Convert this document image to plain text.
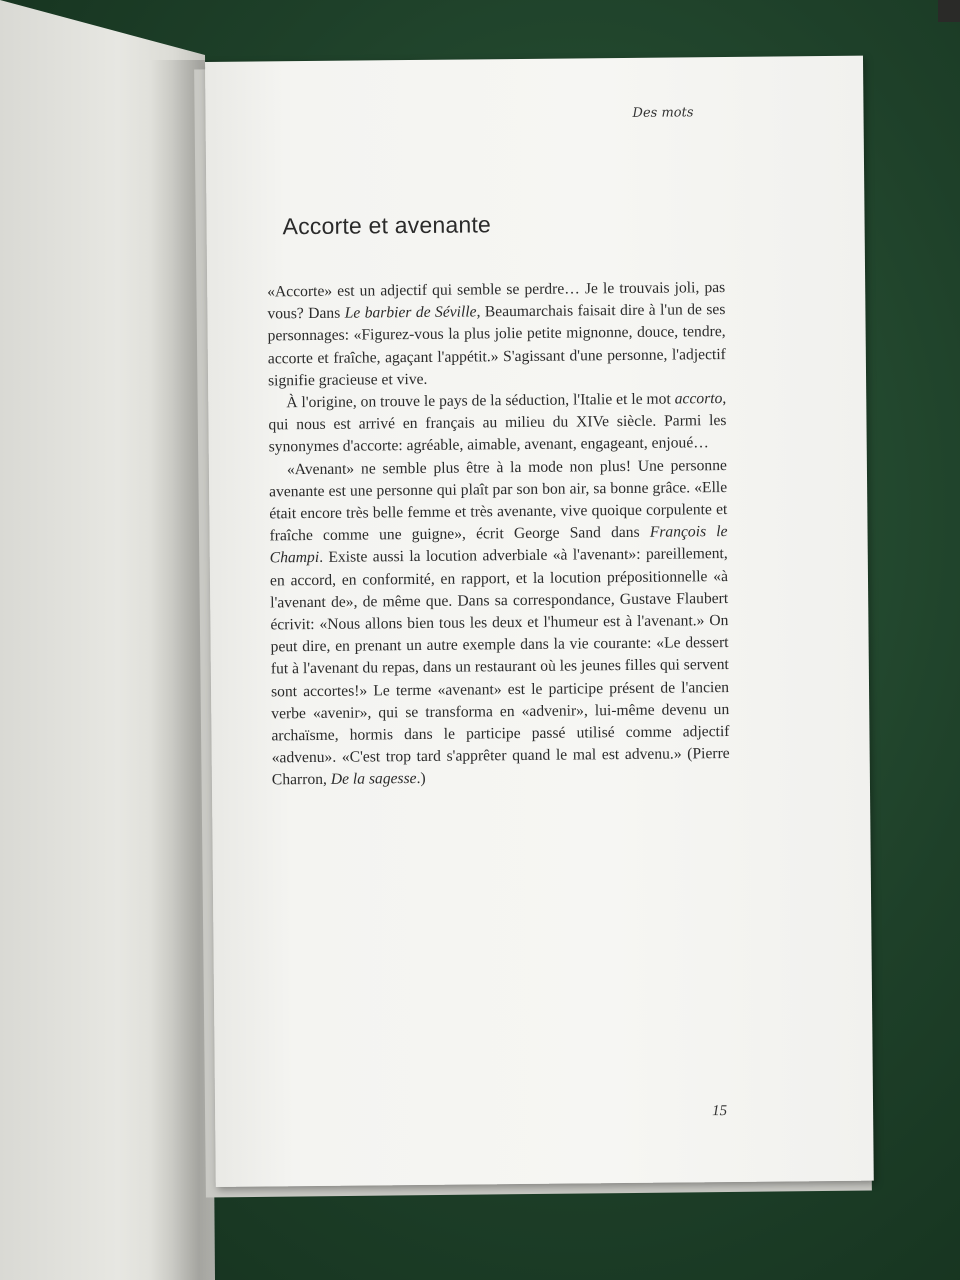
Des mots
Accorte et avenante

«Accorte» est un adjectif qui semble se perdre… Je le trouvais joli, pas vous? Dans Le barbier de Séville, Beaumarchais faisait dire à l'un de ses personnages: «Figurez-vous la plus jolie petite mignonne, douce, tendre, accorte et fraîche, agaçant l'appétit.» S'agissant d'une personne, l'adjectif signifie gracieuse et vive.

À l'origine, on trouve le pays de la séduction, l'Italie et le mot accorto, qui nous est arrivé en français au milieu du XIVe siècle. Parmi les synonymes d'accorte: agréable, aimable, avenant, engageant, enjoué…

«Avenant» ne semble plus être à la mode non plus! Une personne avenante est une personne qui plaît par son bon air, sa bonne grâce. «Elle était encore très belle femme et très avenante, vive quoique corpulente et fraîche comme une guigne», écrit George Sand dans François le Champi. Existe aussi la locution adverbiale «à l'avenant»: pareillement, en accord, en conformité, en rapport, et la locution prépositionnelle «à l'avenant de», de même que. Dans sa correspondance, Gustave Flaubert écrivit: «Nous allons bien tous les deux et l'humeur est à l'avenant.» On peut dire, en prenant un autre exemple dans la vie courante: «Le dessert fut à l'avenant du repas, dans un restaurant où les jeunes filles qui servent sont accortes!» Le terme «avenant» est le participe présent de l'ancien verbe «avenir», qui se transforma en «advenir», lui-même devenu un archaïsme, hormis dans le participe passé utilisé comme adjectif «advenu». «C'est trop tard s'apprêter quand le mal est advenu.» (Pierre Charron, De la sagesse.)

15
